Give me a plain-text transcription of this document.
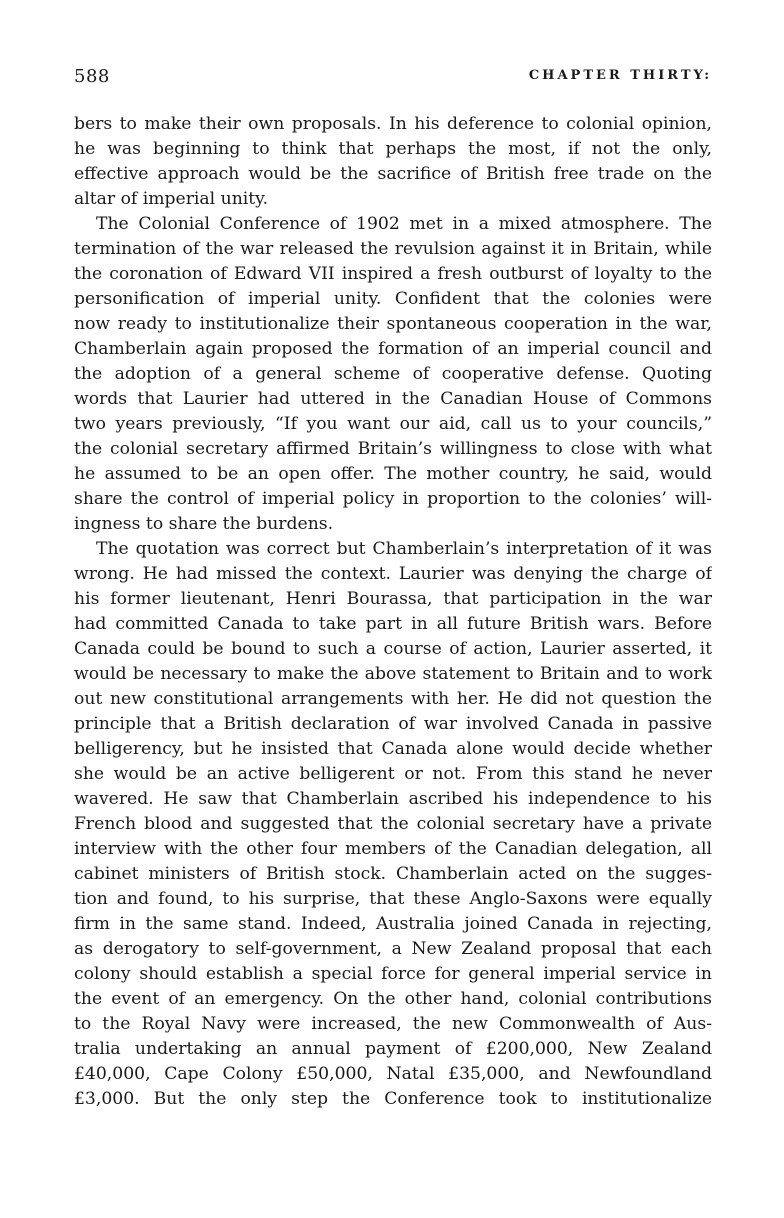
588	CHAPTER THIRTY:
bers to make their own proposals. In his deference to colonial opinion,
he was beginning to think that perhaps the most, if not the only,
effective approach would be the sacrifice of British free trade on the
altar of imperial unity.
The Colonial Conference of 1902 met in a mixed atmosphere. The
termination of the war released the revulsion against it in Britain, while
the coronation of Edward VII inspired a fresh outburst of loyalty to the
personification of imperial unity. Confident that the colonies were
now ready to institutionalize their spontaneous cooperation in the war,
Chamberlain again proposed the formation of an imperial council and
the adoption of a general scheme of cooperative defense. Quoting
words that Laurier had uttered in the Canadian House of Commons
two years previously, “If you want our aid, call us to your councils,”
the colonial secretary affirmed Britain’s willingness to close with what
he assumed to be an open offer. The mother country, he said, would
share the control of imperial policy in proportion to the colonies’ will-
ingness to share the burdens.
The quotation was correct but Chamberlain’s interpretation of it was
wrong. He had missed the context. Laurier was denying the charge of
his former lieutenant, Henri Bourassa, that participation in the war
had committed Canada to take part in all future British wars. Before
Canada could be bound to such a course of action, Laurier asserted, it
would be necessary to make the above statement to Britain and to work
out new constitutional arrangements with her. He did not question the
principle that a British declaration of war involved Canada in passive
belligerency, but he insisted that Canada alone would decide whether
she would be an active belligerent or not. From this stand he never
wavered. He saw that Chamberlain ascribed his independence to his
French blood and suggested that the colonial secretary have a private
interview with the other four members of the Canadian delegation, all
cabinet ministers of British stock. Chamberlain acted on the sugges-
tion and found, to his surprise, that these Anglo-Saxons were equally
firm in the same stand. Indeed, Australia joined Canada in rejecting,
as derogatory to self-government, a New Zealand proposal that each
colony should establish a special force for general imperial service in
the event of an emergency. On the other hand, colonial contributions
to the Royal Navy were increased, the new Commonwealth of Aus-
tralia undertaking an annual payment of £200,000, New Zealand
£40,000, Cape Colony £50,000, Natal £35,000, and Newfoundland
£3,000. But the only step the Conference took to institutionalize
